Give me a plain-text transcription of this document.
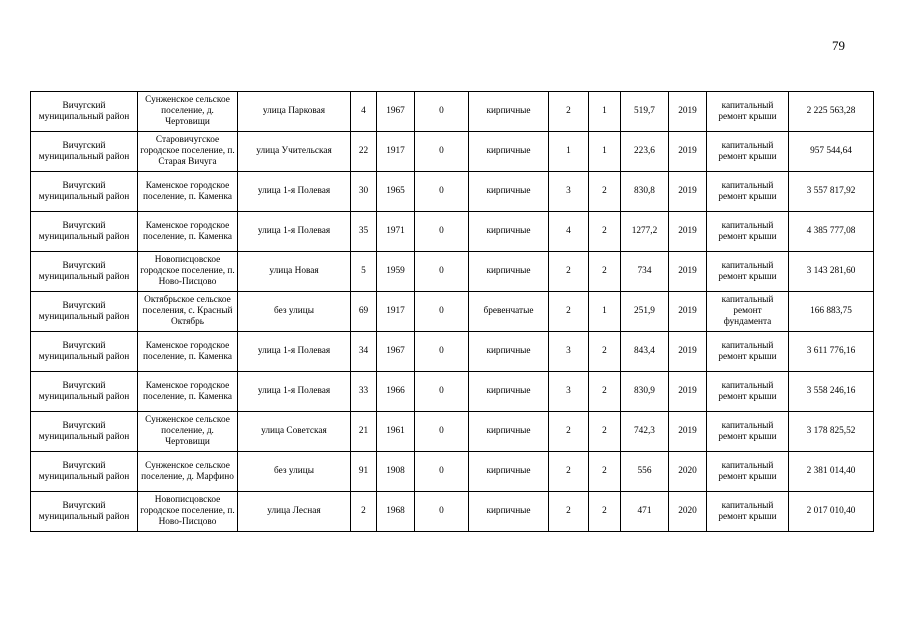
79
Вичугский муниципальный район	Сунженское сельское поселение, д. Чертовищи	улица Парковая	4	1967	0	кирпичные	2	1	519,7	2019	капитальный ремонт крыши	2 225 563,28
Вичугский муниципальный район	Старовичугское городское поселение, п. Старая Вичуга	улица Учительская	22	1917	0	кирпичные	1	1	223,6	2019	капитальный ремонт крыши	957 544,64
Вичугский муниципальный район	Каменское городское поселение, п. Каменка	улица 1-я Полевая	30	1965	0	кирпичные	3	2	830,8	2019	капитальный ремонт крыши	3 557 817,92
Вичугский муниципальный район	Каменское городское поселение, п. Каменка	улица 1-я Полевая	35	1971	0	кирпичные	4	2	1277,2	2019	капитальный ремонт крыши	4 385 777,08
Вичугский муниципальный район	Новописцовское городское поселение, п. Ново-Писцово	улица Новая	5	1959	0	кирпичные	2	2	734	2019	капитальный ремонт крыши	3 143 281,60
Вичугский муниципальный район	Октябрьское сельское поселения, с. Красный Октябрь	без улицы	69	1917	0	бревенчатые	2	1	251,9	2019	капитальный ремонт фундамента	166 883,75
Вичугский муниципальный район	Каменское городское поселение, п. Каменка	улица 1-я Полевая	34	1967	0	кирпичные	3	2	843,4	2019	капитальный ремонт крыши	3 611 776,16
Вичугский муниципальный район	Каменское городское поселение, п. Каменка	улица 1-я Полевая	33	1966	0	кирпичные	3	2	830,9	2019	капитальный ремонт крыши	3 558 246,16
Вичугский муниципальный район	Сунженское сельское поселение, д. Чертовищи	улица Советская	21	1961	0	кирпичные	2	2	742,3	2019	капитальный ремонт крыши	3 178 825,52
Вичугский муниципальный район	Сунженское сельское поселение, д. Марфино	без улицы	91	1908	0	кирпичные	2	2	556	2020	капитальный ремонт крыши	2 381 014,40
Вичугский муниципальный район	Новописцовское городское поселение, п. Ново-Писцово	улица Лесная	2	1968	0	кирпичные	2	2	471	2020	капитальный ремонт крыши	2 017 010,40
